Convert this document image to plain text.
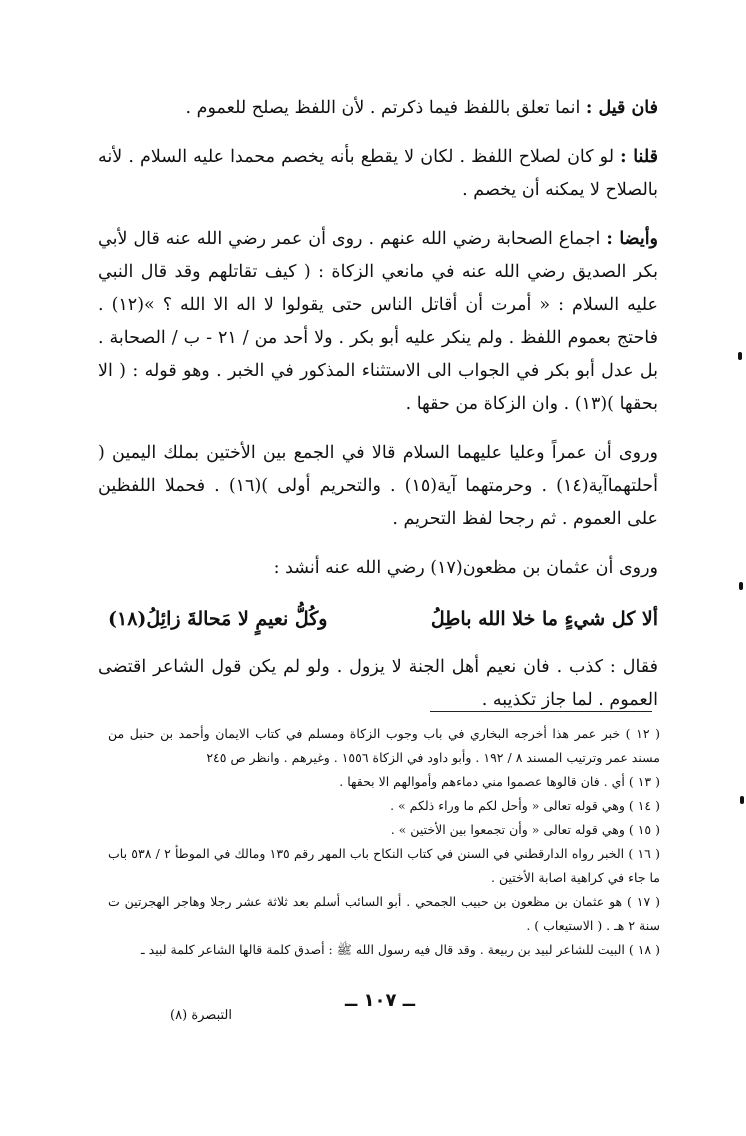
فان قيل : انما تعلق باللفظ فيما ذكرتم . لأن اللفظ يصلح للعموم .

قلنا : لو كان لصلاح اللفظ . لكان لا يقطع بأنه يخصم محمدا عليه السلام . لأنه بالصلاح لا يمكنه أن يخصم .

وأيضا : اجماع الصحابة رضي الله عنهم . روى أن عمر رضي الله عنه قال لأبي بكر الصديق رضي الله عنه في مانعي الزكاة : ( كيف تقاتلهم وقد قال النبي عليه السلام : « أمرت أن أقاتل الناس حتى يقولوا لا اله الا الله ؟ »(١٢) . فاحتج بعموم اللفظ . ولم ينكر عليه أبو بكر . ولا أحد من / ٢١ - ب / الصحابة . بل عدل أبو بكر في الجواب الى الاستثناء المذكور في الخبر . وهو قوله : ( الا بحقها )(١٣) . وان الزكاة من حقها .

وروى أن عمراً وعليا عليهما السلام قالا في الجمع بين الأختين بملك اليمين ( أحلتهماآية(١٤) . وحرمتهما آية(١٥) . والتحريم أولى )(١٦) . فحملا اللفظين على العموم . ثم رجحا لفظ التحريم .

وروى أن عثمان بن مظعون(١٧) رضي الله عنه أنشد :

ألا كل شيءٍ ما خلا الله باطِلُ
وكُلُّ نعيمٍ لا مَحالةَ زائِلُ(١٨)

فقال : كذب . فان نعيم أهل الجنة لا يزول . ولو لم يكن قول الشاعر اقتضى العموم . لما جاز تكذيبه .

( ١٢ ) خبر عمر هذا أخرجه البخاري في باب وجوب الزكاة ومسلم في كتاب الايمان وأحمد بن حنبل من مسند عمر وترتيب المسند ٨ / ١٩٢ . وأبو داود في الزكاة ١٥٥٦ . وغيرهم . وانظر ص ٢٤٥

( ١٣ ) أي . فان قالوها عصموا مني دماءهم وأموالهم الا بحقها .

( ١٤ ) وهي قوله تعالى « وأحل لكم ما وراء ذلكم » .

( ١٥ ) وهي قوله تعالى « وأن تجمعوا بين الأختين » .

( ١٦ ) الخبر رواه الدارقطني في السنن في كتاب النكاح باب المهر رقم ١٣٥ ومالك في الموطأ ٢ / ٥٣٨ باب ما جاء في كراهية اصابة الأختين .

( ١٧ ) هو عثمان بن مظعون بن حبيب الجمحي . أبو السائب أسلم بعد ثلاثة عشر رجلا وهاجر الهجرتين ت سنة ٢ هـ . ( الاستيعاب ) .

( ١٨ ) البيت للشاعر لبيد بن ربيعة . وقد قال فيه رسول الله ﷺ : أصدق كلمة قالها الشاعر كلمة لبيد ـ

ــ ١٠٧ ــ
التبصرة (٨)
